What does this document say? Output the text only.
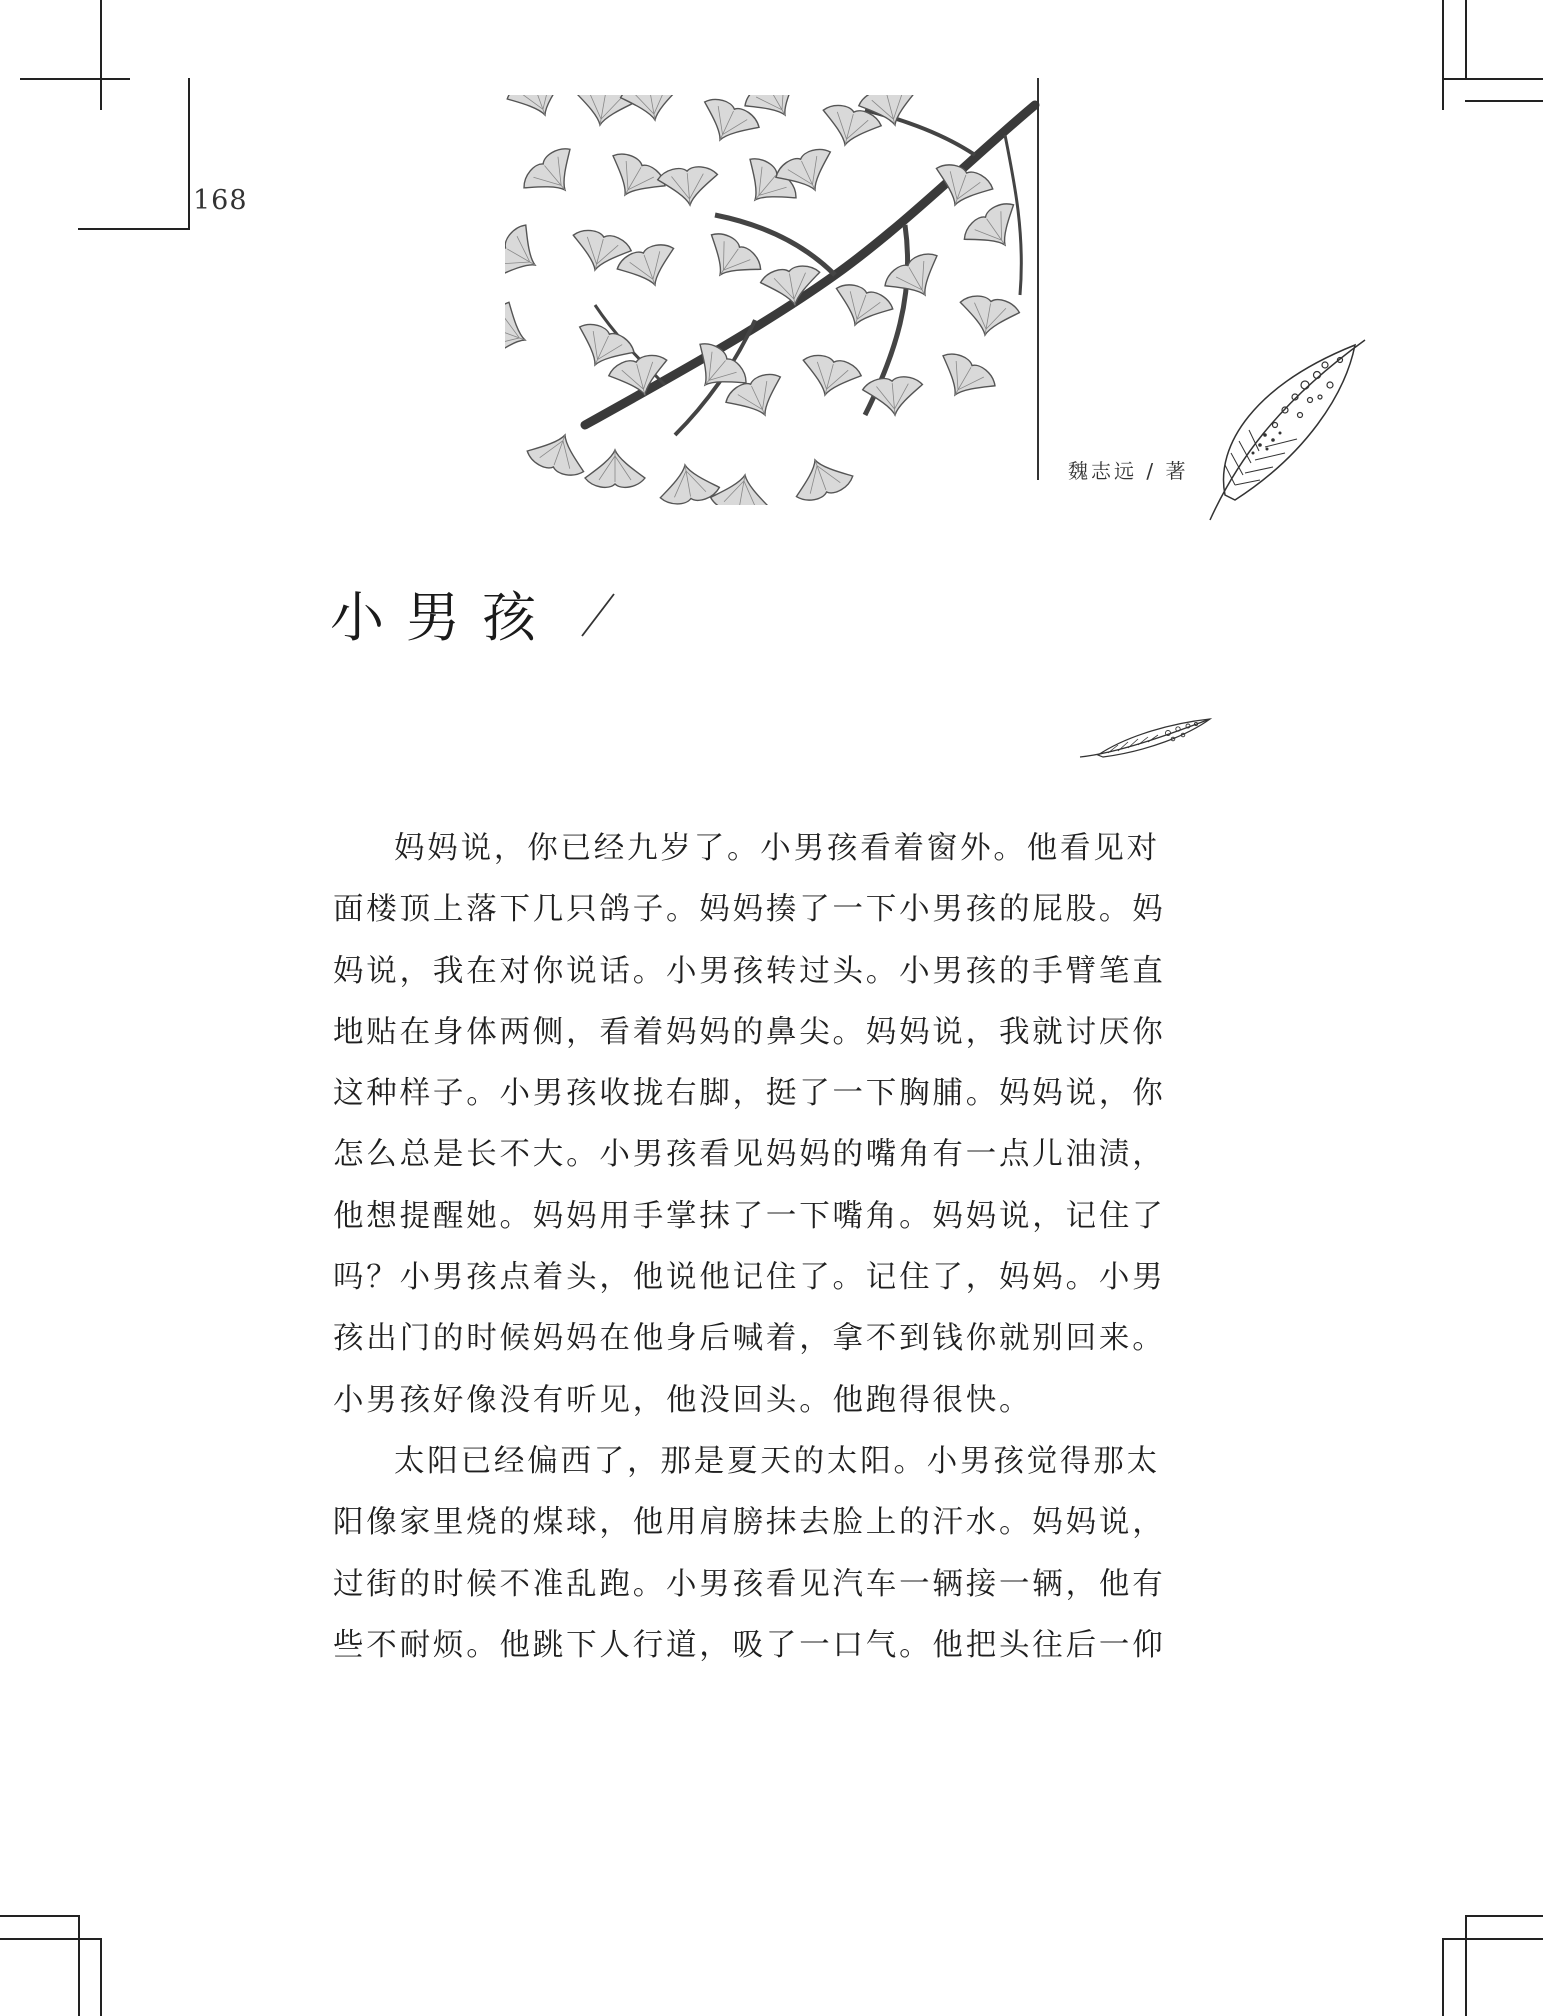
168
魏志远 / 著
小男孩

妈妈说，你已经九岁了。小男孩看着窗外。他看见对面楼顶上落下几只鸽子。妈妈揍了一下小男孩的屁股。妈妈说，我在对你说话。小男孩转过头。小男孩的手臂笔直地贴在身体两侧，看着妈妈的鼻尖。妈妈说，我就讨厌你这种样子。小男孩收拢右脚，挺了一下胸脯。妈妈说，你怎么总是长不大。小男孩看见妈妈的嘴角有一点儿油渍，他想提醒她。妈妈用手掌抹了一下嘴角。妈妈说，记住了吗？小男孩点着头，他说他记住了。记住了，妈妈。小男孩出门的时候妈妈在他身后喊着，拿不到钱你就别回来。小男孩好像没有听见，他没回头。他跑得很快。

太阳已经偏西了，那是夏天的太阳。小男孩觉得那太阳像家里烧的煤球，他用肩膀抹去脸上的汗水。妈妈说，过街的时候不准乱跑。小男孩看见汽车一辆接一辆，他有些不耐烦。他跳下人行道，吸了一口气。他把头往后一仰
